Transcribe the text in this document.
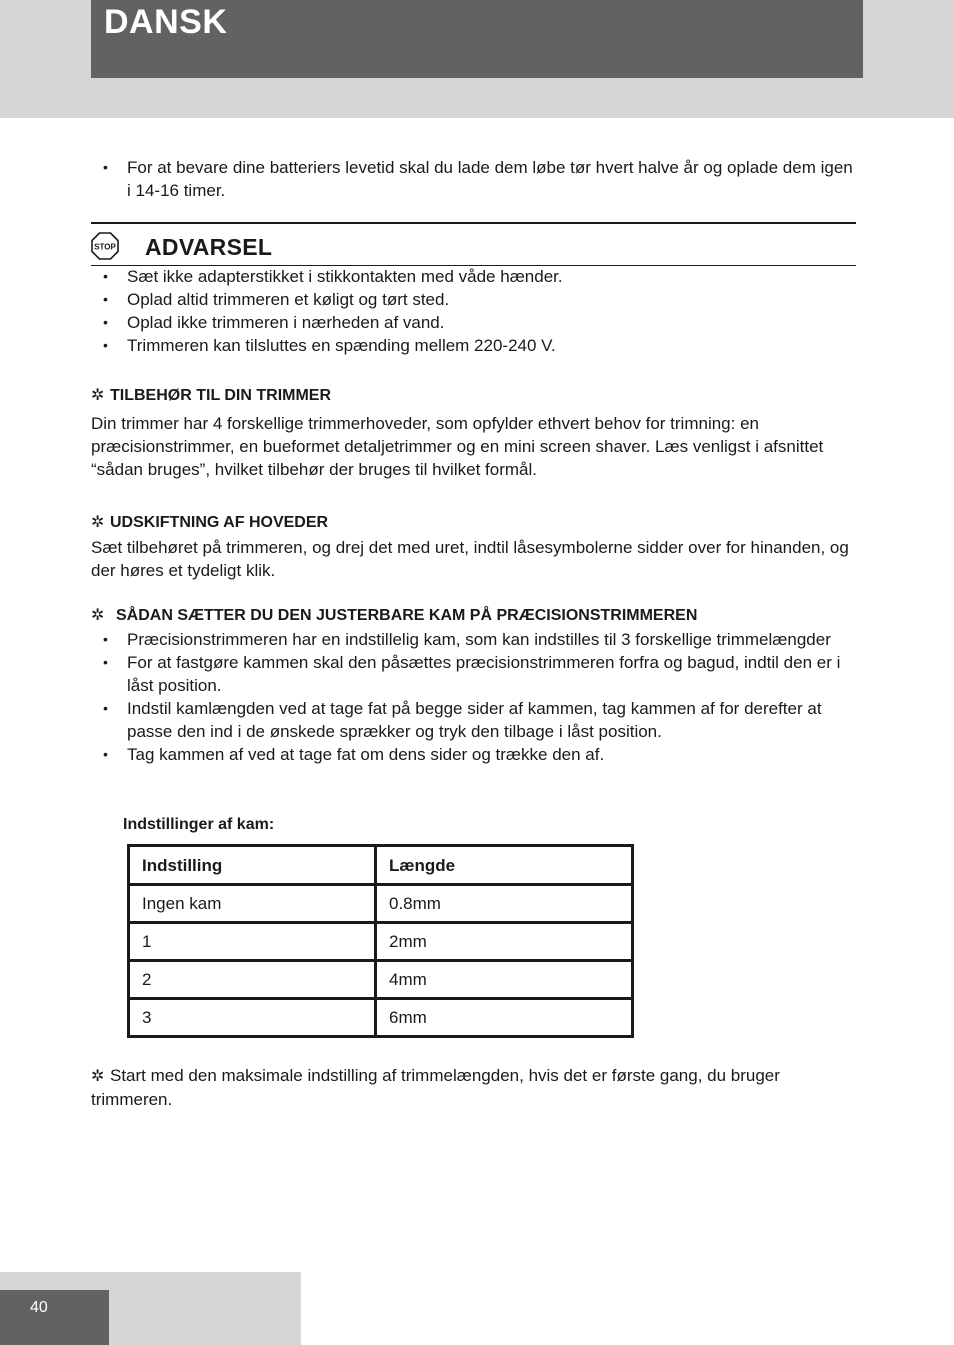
DANSK
• For at bevare dine batteriers levetid skal du lade dem løbe tør hvert halve år og oplade dem igen i 14-16 timer.
STOP ADVARSEL
• Sæt ikke adapterstikket i stikkontakten med våde hænder.
• Oplad altid trimmeren et køligt og tørt sted.
• Oplad ikke trimmeren i nærheden af vand.
• Trimmeren kan tilsluttes en spænding mellem 220-240 V.
✲ TILBEHØR TIL DIN TRIMMER
Din trimmer har 4 forskellige trimmerhoveder, som opfylder ethvert behov for trimning: en præcisionstrimmer, en bueformet detaljetrimmer og en mini screen shaver. Læs venligst i afsnittet “sådan bruges”, hvilket tilbehør der bruges til hvilket formål.
✲ UDSKIFTNING AF HOVEDER
Sæt tilbehøret på trimmeren, og drej det med uret, indtil låsesymbolerne sidder over for hinanden, og der høres et tydeligt klik.
✲ SÅDAN SÆTTER DU DEN JUSTERBARE KAM PÅ PRÆCISIONSTRIMMEREN
• Præcisionstrimmeren har en indstillelig kam, som kan indstilles til 3 forskellige trimmelængder
• For at fastgøre kammen skal den påsættes præcisionstrimmeren forfra og bagud, indtil den er i låst position.
• Indstil kamlængden ved at tage fat på begge sider af kammen, tag kammen af for derefter at passe den ind i de ønskede sprækker og tryk den tilbage i låst position.
• Tag kammen af ved at tage fat om dens sider og trække den af.
Indstillinger af kam:
Indstilling	Længde
Ingen kam	0.8mm
1	2mm
2	4mm
3	6mm
✲ Start med den maksimale indstilling af trimmelængden, hvis det er første gang, du bruger trimmeren.
40
